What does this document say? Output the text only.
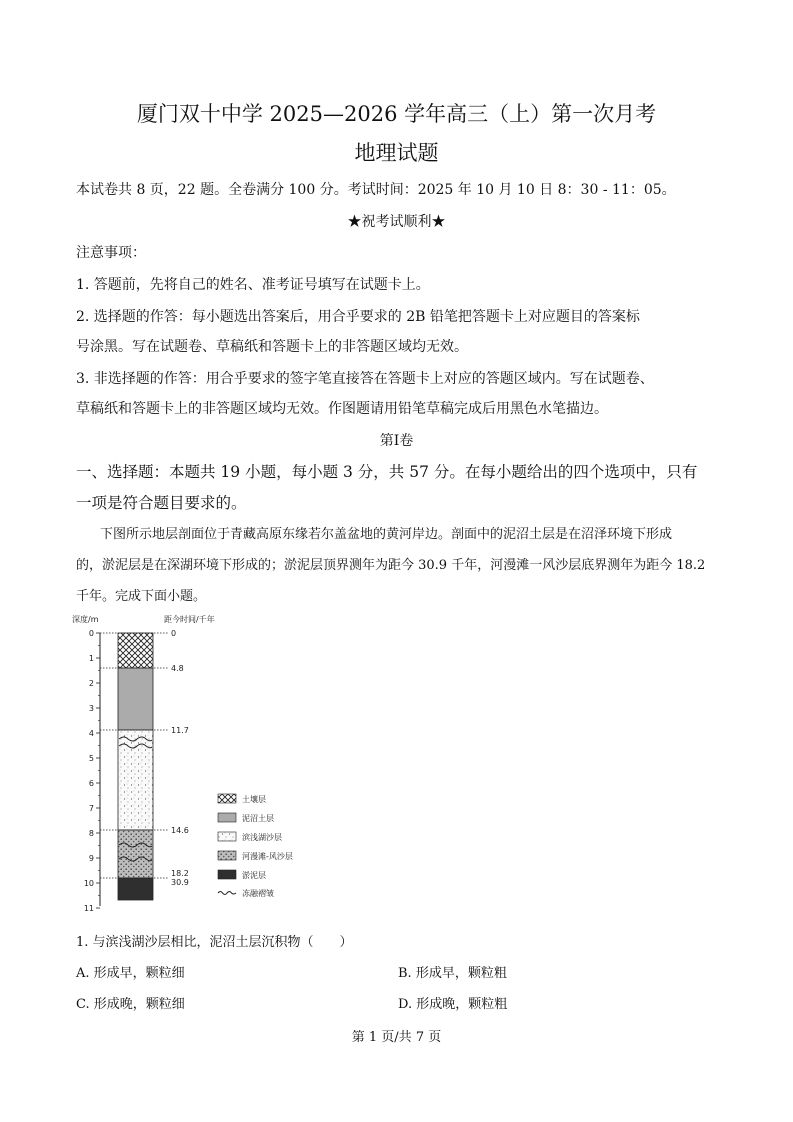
厦门双十中学 2025—2026 学年高三（上）第一次月考
地理试题
本试卷共 8 页，22 题。全卷满分 100 分。考试时间：2025 年 10 月 10 日 8：30 - 11：05。
★祝考试顺利★
注意事项：
1. 答题前，先将自己的姓名、准考证号填写在试题卡上。
2. 选择题的作答：每小题选出答案后，用合乎要求的 2B 铅笔把答题卡上对应题目的答案标
号涂黑。写在试题卷、草稿纸和答题卡上的非答题区域均无效。
3. 非选择题的作答：用合乎要求的签字笔直接答在答题卡上对应的答题区域内。写在试题卷、
草稿纸和答题卡上的非答题区域均无效。作图题请用铅笔草稿完成后用黑色水笔描边。
第Ⅰ卷
一、选择题：本题共 19 小题，每小题 3 分，共 57 分。在每小题给出的四个选项中，只有
一项是符合题目要求的。
下图所示地层剖面位于青藏高原东缘若尔盖盆地的黄河岸边。剖面中的泥沼土层是在沼泽环境下形成
的，淤泥层是在深湖环境下形成的；淤泥层顶界测年为距今 30.9 千年，河漫滩一风沙层底界测年为距今 18.2
千年。完成下面小题。
深度/m	距今时间/千年
0
1
2
3
4
5
6
7
8
9
10
11
0
4.8
11.7
14.6
18.2
30.9
土壤层
泥沼土层
滨浅湖沙层
河漫滩-风沙层
淤泥层
冻融褶皱
1. 与滨浅湖沙层相比，泥沼土层沉积物（　　）
A. 形成早，颗粒细	B. 形成早，颗粒粗
C. 形成晚，颗粒细	D. 形成晚，颗粒粗
第 1 页/共 7 页
